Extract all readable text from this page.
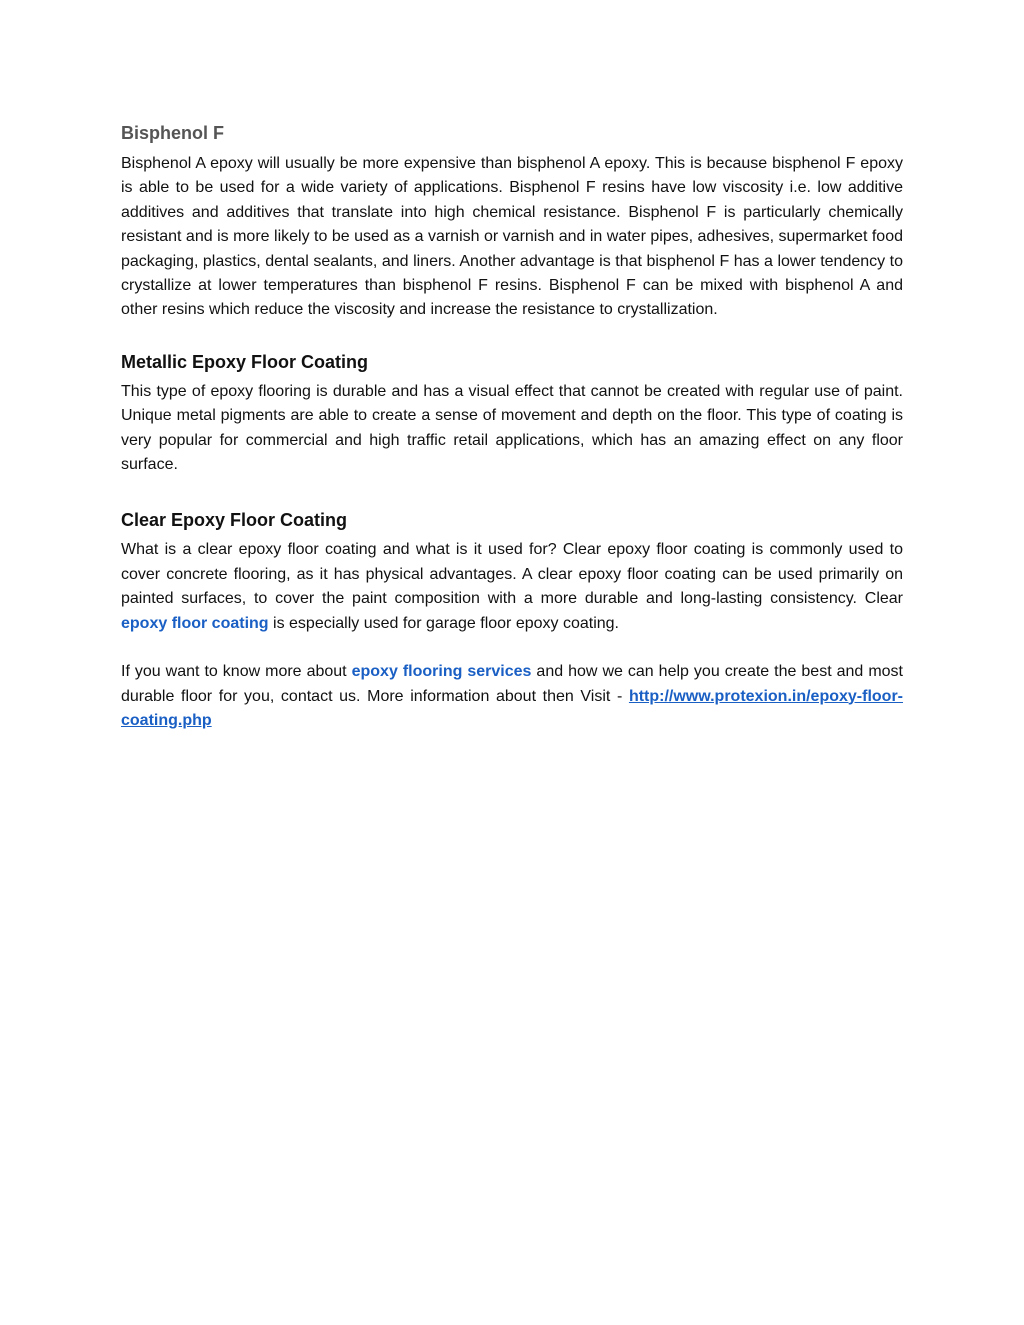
Bisphenol F

Bisphenol A epoxy will usually be more expensive than bisphenol A epoxy. This is because bisphenol F epoxy is able to be used for a wide variety of applications. Bisphenol F resins have low viscosity i.e. low additive additives and additives that translate into high chemical resistance. Bisphenol F is particularly chemically resistant and is more likely to be used as a varnish or varnish and in water pipes, adhesives, supermarket food packaging, plastics, dental sealants, and liners. Another advantage is that bisphenol F has a lower tendency to crystallize at lower temperatures than bisphenol F resins. Bisphenol F can be mixed with bisphenol A and other resins which reduce the viscosity and increase the resistance to crystallization.

Metallic Epoxy Floor Coating

This type of epoxy flooring is durable and has a visual effect that cannot be created with regular use of paint. Unique metal pigments are able to create a sense of movement and depth on the floor. This type of coating is very popular for commercial and high traffic retail applications, which has an amazing effect on any floor surface.

Clear Epoxy Floor Coating

What is a clear epoxy floor coating and what is it used for? Clear epoxy floor coating is commonly used to cover concrete flooring, as it has physical advantages. A clear epoxy floor coating can be used primarily on painted surfaces, to cover the paint composition with a more durable and long-lasting consistency. Clear epoxy floor coating is especially used for garage floor epoxy coating.

If you want to know more about epoxy flooring services and how we can help you create the best and most durable floor for you, contact us. More information about then Visit - http://www.protexion.in/epoxy-floor-coating.php
